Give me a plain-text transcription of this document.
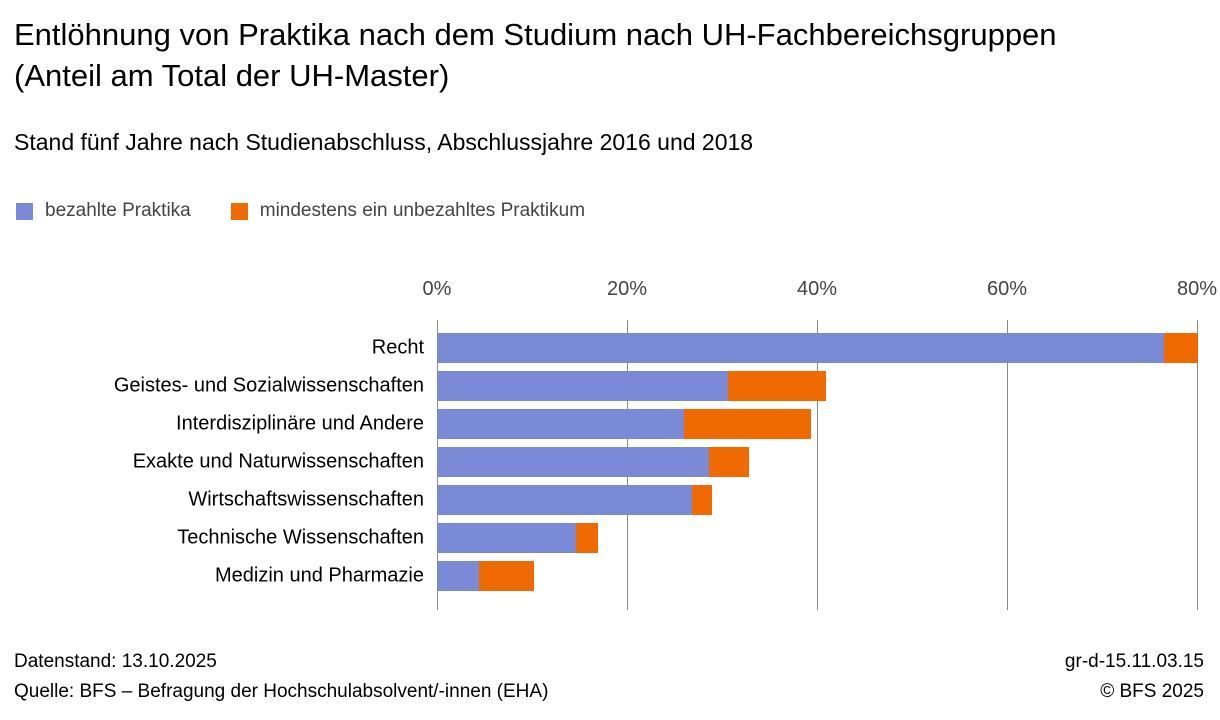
Entlöhnung von Praktika nach dem Studium nach UH-Fachbereichsgruppen (Anteil am Total der UH-Master)
Stand fünf Jahre nach Studienabschluss, Abschlussjahre 2016 und 2018
bezahlte Praktika	mindestens ein unbezahltes Praktikum
Recht
Geistes- und Sozialwissenschaften
Interdisziplinäre und Andere
Exakte und Naturwissenschaften
Wirtschaftswissenschaften
Technische Wissenschaften
Medizin und Pharmazie
0%	20%	40%	60%	80%
Datenstand: 13.10.2025
Quelle: BFS – Befragung der Hochschulabsolvent/-innen (EHA)
gr-d-15.11.03.15
© BFS 2025
